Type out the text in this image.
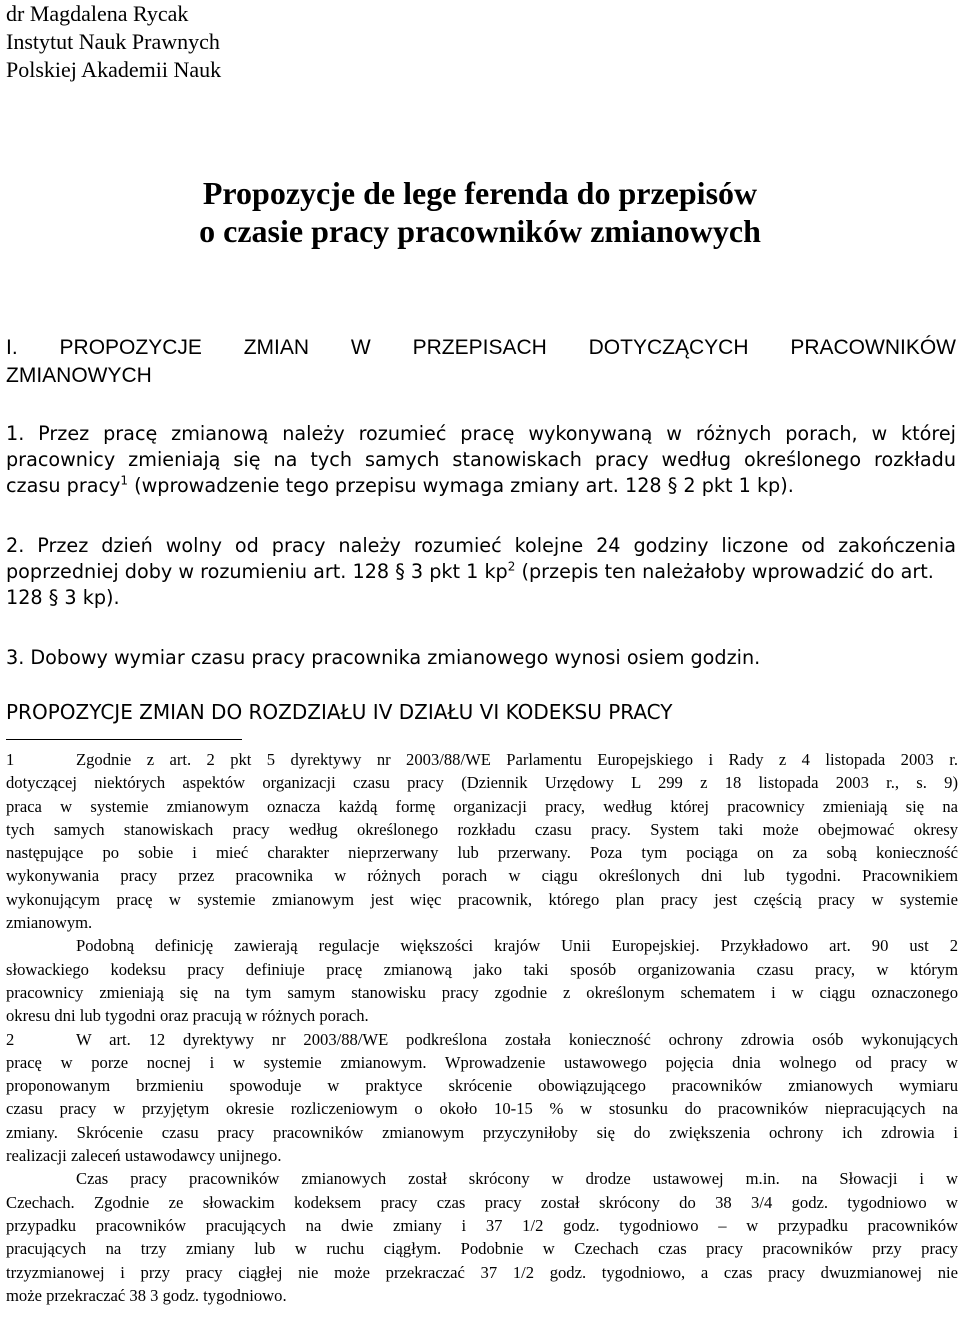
dr Magdalena Rycak
Instytut Nauk Prawnych
Polskiej Akademii Nauk
Propozycje de lege ferenda do przepisów
o czasie pracy pracowników zmianowych
I. PROPOZYCJE ZMIAN W PRZEPISACH DOTYCZĄCYCH PRACOWNIKÓW
ZMIANOWYCH
1. Przez pracę zmianową należy rozumieć pracę wykonywaną w różnych porach, w której
pracownicy zmieniają się na tych samych stanowiskach pracy według określonego rozkładu
czasu pracy$^1$ (wprowadzenie tego przepisu wymaga zmiany art. 128 § 2 pkt 1 kp).
2. Przez dzień wolny od pracy należy rozumieć kolejne 24 godziny liczone od zakończenia
poprzedniej doby w rozumieniu art. 128 § 3 pkt 1 $kp^2$ (przepis ten należałoby wprowadzić do art.
128 § 3 kp).
3. Dobowy wymiar czasu pracy pracownika zmianowego wynosi osiem godzin.
PROPOZYCJE ZMIAN DO ROZDZIAŁU IV DZIAŁU VI KODEKSU PRACY
1	Zgodnie z art. 2 pkt 5 dyrektywy nr 2003/88/WE Parlamentu Europejskiego i Rady z 4 listopada 2003 r.
dotyczącej niektórych aspektów organizacji czasu pracy (Dziennik Urzędowy L 299 z 18 listopada 2003 r., s. 9)
praca w systemie zmianowym oznacza każdą formę organizacji pracy, według której pracownicy zmieniają się na
tych samych stanowiskach pracy według określonego rozkładu czasu pracy. System taki może obejmować okresy
następujące po sobie i mieć charakter nieprzerwany lub przerwany. Poza tym pociąga on za sobą konieczność
wykonywania pracy przez pracownika w różnych porach w ciągu określonych dni lub tygodni. Pracownikiem
wykonującym pracę w systemie zmianowym jest więc pracownik, którego plan pracy jest częścią pracy w systemie
zmianowym.
Podobną definicję zawierają regulacje większości krajów Unii Europejskiej. Przykładowo art. 90 ust 2
słowackiego kodeksu pracy definiuje pracę zmianową jako taki sposób organizowania czasu pracy, w którym
pracownicy zmieniają się na tym samym stanowisku pracy zgodnie z określonym schematem i w ciągu oznaczonego
okresu dni lub tygodni oraz pracują w różnych porach.
2	W art. 12 dyrektywy nr 2003/88/WE podkreślona została konieczność ochrony zdrowia osób wykonujących
pracę w porze nocnej i w systemie zmianowym. Wprowadzenie ustawowego pojęcia dnia wolnego od pracy w
proponowanym brzmieniu spowoduje w praktyce skrócenie obowiązującego pracowników zmianowych wymiaru
czasu pracy w przyjętym okresie rozliczeniowym o około 10-15 % w stosunku do pracowników niepracujących na
zmiany. Skrócenie czasu pracy pracowników zmianowym przyczyniłoby się do zwiększenia ochrony ich zdrowia i
realizacji zaleceń ustawodawcy unijnego.
Czas pracy pracowników zmianowych został skrócony w drodze ustawowej m.in. na Słowacji i w
Czechach. Zgodnie ze słowackim kodeksem pracy czas pracy został skrócony do 38 3/4 godz. tygodniowo w
przypadku pracowników pracujących na dwie zmiany i 37 1/2 godz. tygodniowo – w przypadku pracowników
pracujących na trzy zmiany lub w ruchu ciągłym. Podobnie w Czechach czas pracy pracowników przy pracy
trzyzmianowej i przy pracy ciągłej nie może przekraczać 37 1/2 godz. tygodniowo, a czas pracy dwuzmianowej nie
może przekraczać 38 3 godz. tygodniowo.
